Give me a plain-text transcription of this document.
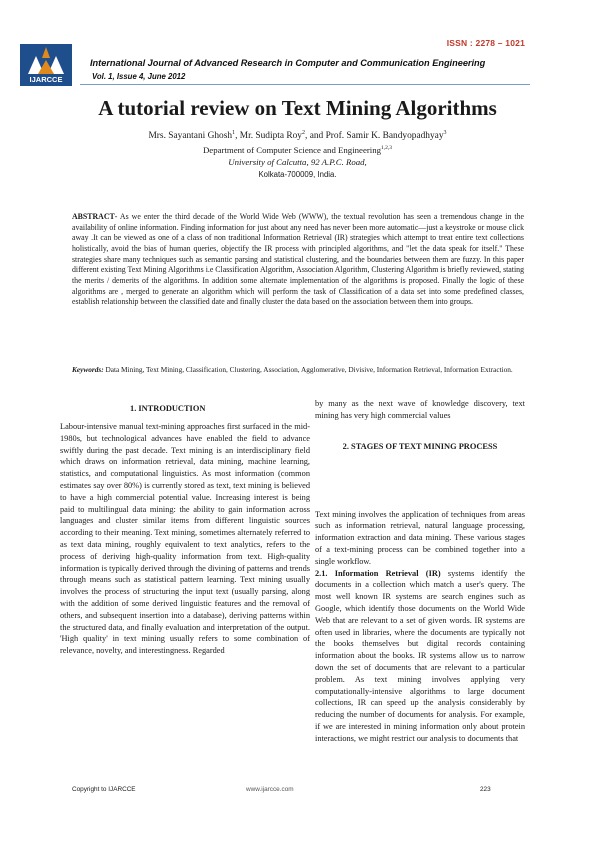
ISSN : 2278 – 1021
IJARCCE
International Journal of Advanced Research in Computer and Communication Engineering
Vol. 1, Issue 4, June 2012
A tutorial review on Text Mining Algorithms
Mrs. Sayantani Ghosh$^1$, Mr. Sudipta Roy$^2$, and Prof. Samir K. Bandyopadhyay$^3$
Department of Computer Science and Engineering$^{1,2,3}$
University of Calcutta, 92 A.P.C. Road,
Kolkata-700009, India.
ABSTRACT- As we enter the third decade of the World Wide Web (WWW), the textual revolution has seen a tremendous change in the availability of online information. Finding information for just about any need has never been more automatic—just a keystroke or mouse click away .It can be viewed as one of a class of non traditional Information Retrieval (IR) strategies which attempt to treat entire text collections holistically, avoid the bias of human queries, objectify the IR process with principled algorithms, and "let the data speak for itself." These strategies share many techniques such as semantic parsing and statistical clustering, and the boundaries between them are fuzzy. In this paper different existing Text Mining Algorithms i.e Classification Algorithm, Association Algorithm, Clustering Algorithm is briefly reviewed, stating the merits / demerits of the algorithms. In addition some alternate implementation of the algorithms is proposed. Finally the logic of these algorithms are , merged to generate an algorithm which will perform the task of Classification of a data set into some predefined classes, establish relationship between the classified date and finally cluster the data based on the association between them into groups.
Keywords: Data Mining, Text Mining, Classification, Clustering, Association, Agglomerative, Divisive, Information Retrieval, Information Extraction.
1. INTRODUCTION

Labour-intensive manual text-mining approaches first surfaced in the mid-1980s, but technological advances have enabled the field to advance swiftly during the past decade. Text mining is an interdisciplinary field which draws on information retrieval, data mining, machine learning, statistics, and computational linguistics. As most information (common estimates say over 80%) is currently stored as text, text mining is believed to have a high commercial potential value. Increasing interest is being paid to multilingual data mining: the ability to gain information across languages and cluster similar items from different linguistic sources according to their meaning. Text mining, sometimes alternately referred to as text data mining, roughly equivalent to text analytics, refers to the process of deriving high-quality information from text. High-quality information is typically derived through the divining of patterns and trends through means such as statistical pattern learning. Text mining usually involves the process of structuring the input text (usually parsing, along with the addition of some derived linguistic features and the removal of others, and subsequent insertion into a database), deriving patterns within the structured data, and finally evaluation and interpretation of the output. 'High quality' in text mining usually refers to some combination of relevance, novelty, and interestingness. Regarded

by many as the next wave of knowledge discovery, text mining has very high commercial values

2. STAGES OF TEXT MINING PROCESS

Text mining involves the application of techniques from areas such as information retrieval, natural language processing, information extraction and data mining. These various stages of a text-mining process can be combined together into a single workflow.

2.1. Information Retrieval (IR) systems identify the documents in a collection which match a user's query. The most well known IR systems are search engines such as Google, which identify those documents on the World Wide Web that are relevant to a set of given words. IR systems are often used in libraries, where the documents are typically not the books themselves but digital records containing information about the books. IR systems allow us to narrow down the set of documents that are relevant to a particular problem. As text mining involves applying very computationally-intensive algorithms to large document collections, IR can speed up the analysis considerably by reducing the number of documents for analysis. For example, if we are interested in mining information only about protein interactions, we might restrict our analysis to documents that

Copyright to IJARCCE	www.ijarcce.com	223
